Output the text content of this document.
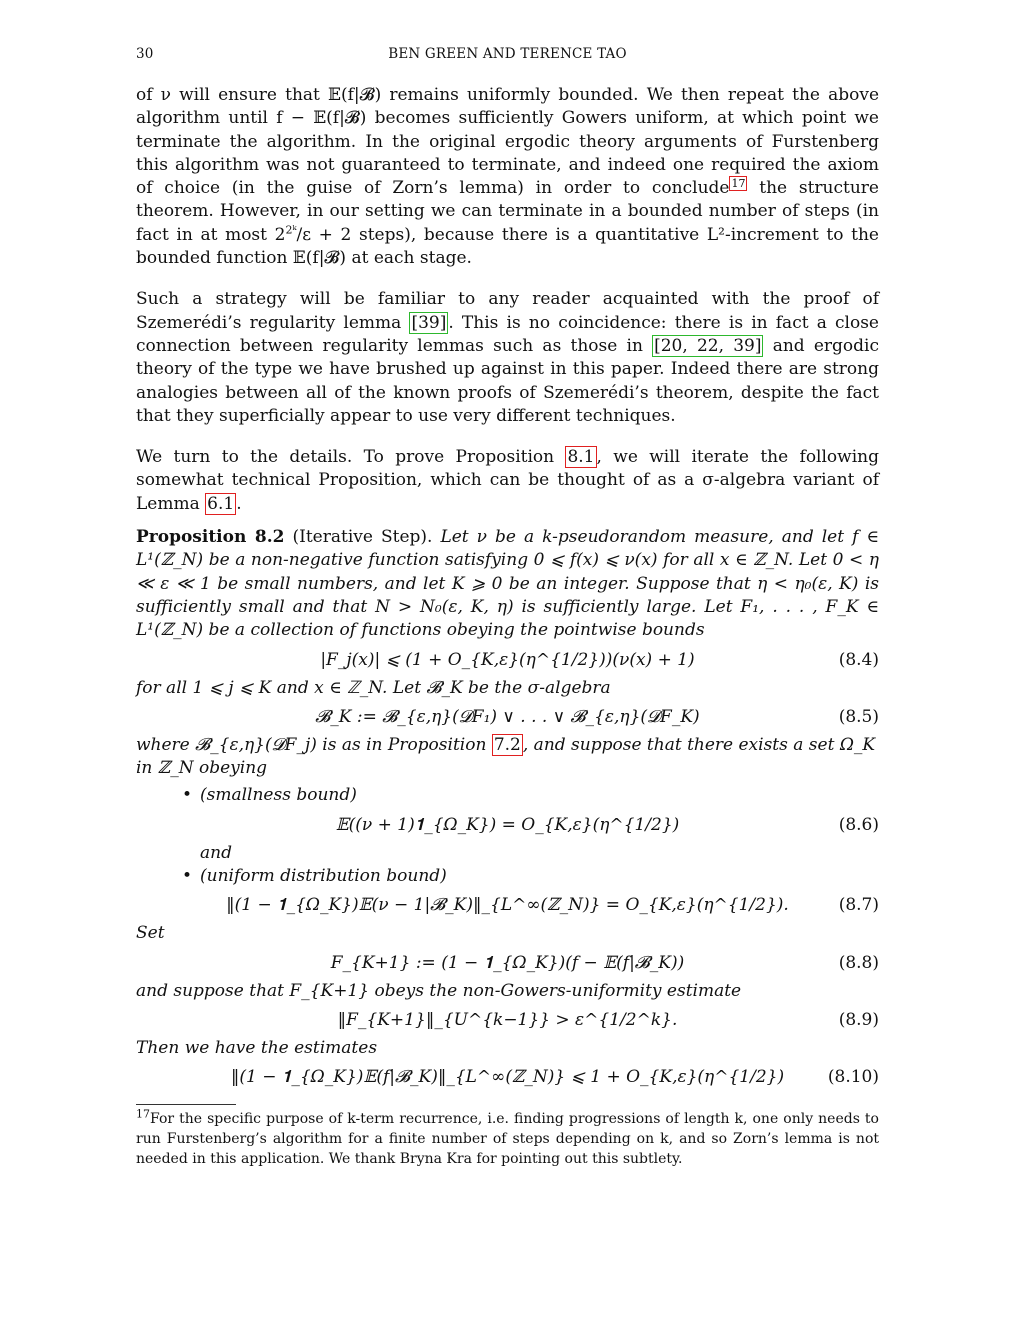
30	BEN GREEN AND TERENCE TAO

of ν will ensure that 𝔼(f|𝓑) remains uniformly bounded. We then repeat the above algorithm until f − 𝔼(f|𝓑) becomes sufficiently Gowers uniform, at which point we terminate the algorithm. In the original ergodic theory arguments of Furstenberg this algorithm was not guaranteed to terminate, and indeed one required the axiom of choice (in the guise of Zorn’s lemma) in order to conclude $^{17}$ the structure theorem. However, in our setting we can terminate in a bounded number of steps (in fact in at most $2^{2ᵏ}/\varepsilon + 2$ steps), because there is a quantitative L²-increment to the bounded function 𝔼(f|𝓑) at each stage.

Such a strategy will be familiar to any reader acquainted with the proof of Szemerédi’s regularity lemma [39] . This is no coincidence: there is in fact a close connection between regularity lemmas such as those in [20, 22, 39] and ergodic theory of the type we have brushed up against in this paper. Indeed there are strong analogies between all of the known proofs of Szemerédi’s theorem, despite the fact that they superficially appear to use very different techniques.

We turn to the details. To prove Proposition 8.1 , we will iterate the following somewhat technical Proposition, which can be thought of as a σ-algebra variant of Lemma 6.1 .

Proposition 8.2 (Iterative Step). Let ν be a k-pseudorandom measure, and let f ∈ L¹(ℤ_N) be a non-negative function satisfying 0 ⩽ f(x) ⩽ ν(x) for all x ∈ ℤ_N. Let 0 < η ≪ ε ≪ 1 be small numbers, and let K ⩾ 0 be an integer. Suppose that η < η₀(ε, K) is sufficiently small and that N > N₀(ε, K, η) is sufficiently large. Let F₁, . . . , F_K ∈ L¹(ℤ_N) be a collection of functions obeying the pointwise bounds

|F_j(x)| ⩽ (1 + O_{K,ε}(η^{1/2}))(ν(x) + 1)	(8.4)
for all 1 ⩽ j ⩽ K and x ∈ ℤ_N. Let 𝓑_K be the σ-algebra
𝓑_K := 𝓑_{ε,η}(𝓓F₁) ∨ . . . ∨ 𝓑_{ε,η}(𝓓F_K)	(8.5)
where 𝓑_{ε,η}(𝓓F_j) is as in Proposition 7.2 , and suppose that there exists a set Ω_K in ℤ_N obeying
• (smallness bound)
𝔼((ν + 1)𝟏_{Ω_K}) = O_{K,ε}(η^{1/2})	(8.6)
and
• (uniform distribution bound)
‖(1 − 𝟏_{Ω_K})𝔼(ν − 1|𝓑_K)‖_{L^∞(ℤ_N)} = O_{K,ε}(η^{1/2}).	(8.7)
Set
F_{K+1} := (1 − 𝟏_{Ω_K})(f − 𝔼(f|𝓑_K))	(8.8)
and suppose that F_{K+1} obeys the non-Gowers-uniformity estimate
‖F_{K+1}‖_{U^{k−1}} > ε^{1/2^k}.	(8.9)
Then we have the estimates
‖(1 − 𝟏_{Ω_K})𝔼(f|𝓑_K)‖_{L^∞(ℤ_N)} ⩽ 1 + O_{K,ε}(η^{1/2})	(8.10)
$^{17}$For the specific purpose of k-term recurrence, i.e. finding progressions of length k, one only needs to run Furstenberg’s algorithm for a finite number of steps depending on k, and so Zorn’s lemma is not needed in this application. We thank Bryna Kra for pointing out this subtlety.
